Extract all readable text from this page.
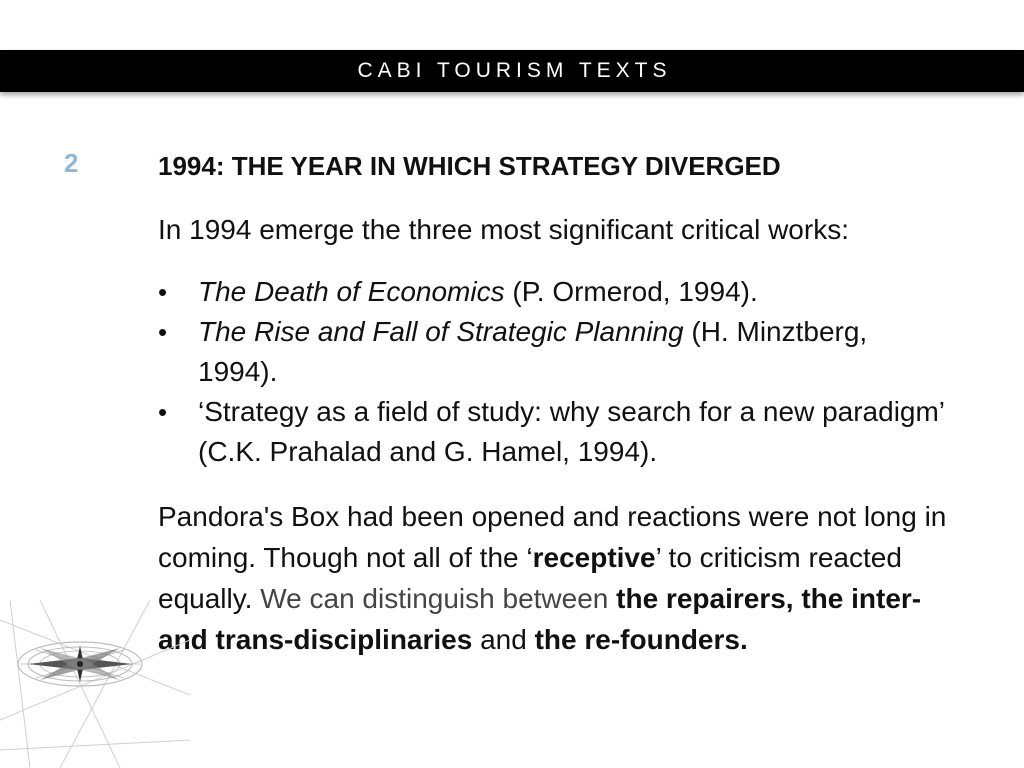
CABI TOURISM TEXTS
2	1994: THE YEAR IN WHICH STRATEGY DIVERGED

In 1994 emerge the three most significant critical works:

• The Death of Economics (P. Ormerod, 1994).
• The Rise and Fall of Strategic Planning (H. Minztberg, 1994).
• ‘Strategy as a field of study: why search for a new paradigm’ (C.K. Prahalad and G. Hamel, 1994).

Pandora's Box had been opened and reactions were not long in coming. Though not all of the ‘receptive’ to criticism reacted equally. We can distinguish between the repairers, the inter- and trans-disciplinaries and the re-founders.
